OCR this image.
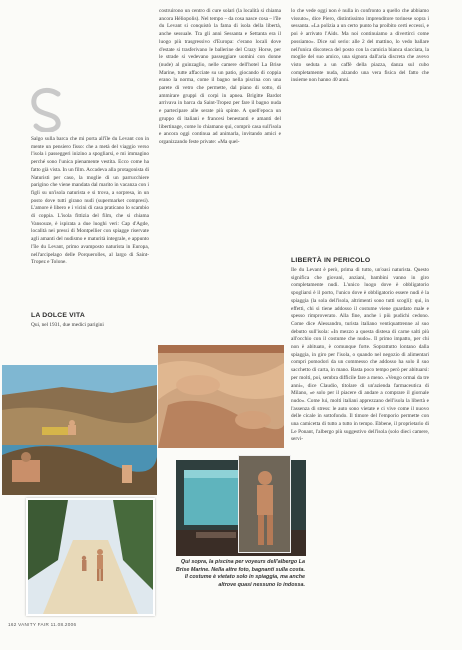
Salgo sulla barca che mi porta all'île du Levant con in mente un pensiero fisso: che a metà del viaggio verso l'isola i passeggeri inizino a spogliarsi, e mi immagino perché sono l'unica pienamente vestita. Ecco come ha fatto già vista. In un film. Accadeva alla protagonista di Naturisti per caso, la moglie di un parrucchiere parigino che viene mandata dal marito in vacanza con i figli su un'isola naturista e si trova, a sorpresa, in un posto dove tutti girano nudi (supermarket compresi). L'amore è libero e i vicini di casa praticano lo scambio di coppia. L'isola fittizia del film, che si chiama Vansouze, è ispirata a due luoghi veri: Cap d'Agde, località nei pressi di Montpellier con spiagge riservate agli amanti del nudismo e maturità integrale, e appunto l'île du Levant, primo avamposto naturista in Europa, nell'arcipelago delle Porquerolles, al largo di Saint-Tropez e Tolone.

LA DOLCE VITA
Qui, nel 1931, due medici parigini

costruirono un centro di cure solari (la località si chiama ancora Héliopolis). Nel tempo – da cosa nasce cosa – l'île du Levant si conquistò la fama di isola della libertà, anche sessuale. Tra gli anni Sessanta e Settanta era il luogo più trasgressivo d'Europa: c'erano locali dove d'estate si trasferivano le ballerine del Crazy Horse, per le strade si vedevano passeggiare uomini con donne (nude) al guinzaglio, nelle camere dell'hotel La Brise Marine, tutte affacciate su un patio, giocando di coppia erano la norma, come il bagno nella piscina con una parete di vetro che permette, dal piano di sotto, di ammirare gruppi di corpi in apnea. Brigitte Bardot arrivava in barca da Saint-Tropez per fare il bagno nuda e partecipare alle serate più spinte. A quell'epoca un gruppo di italiani e francesi benestanti e amanti del libertinage, come lo chiamano qui, comprò casa sull'isola e ancora oggi continua ad animarla, invitando amici e organizzando feste private: «Ma quel-

lo che vede oggi non è nulla in confronto a quello che abbiamo vissuto», dice Piero, distintissimo imprenditore torinese sopra i sessanta. «La polizia a un certo punto ha proibito certi eccessi, e poi è arrivato l'Aids. Ma noi continuiamo a divertirci come possiamo». Dice sul serio: alle 2 del mattino, lo vedo ballare nell'unica discoteca del posto con la camicia bianca slacciata, la moglie del suo amico, una signora dall'aria discreta che avevo visto seduta a un caffè della piazza, danza sul cubo completamente nuda, alzando una vera fisica del fatto che insieme non hanno 40 anni.

LIBERTÀ IN PERICOLO

Ile du Levant è però, prima di tutto, un'oasi naturista. Questo significa che giovani, anziani, bambini vanno in giro completamente nudi. L'unico luogo dove è obbligatorio spogliarsi è il porto, l'unico dove è obbligatorio essere nudi è la spiaggia (la sola dell'isola, altrimenti sono tutti scogli): qui, in effetti, chi si tiene addosso il costume viene guardato male e spesso rimproverato. Alla fine, anche i più pudichi cedono. Come dice Alessandro, turista italiano ventiquattrenne al suo debutto sull'isola: «In mezzo a questa distesa di carne salti più all'occhio con il costume che nudo». Il primo impatto, per chi non è abituato, è comunque forte. Soprattutto lontano dalla spiaggia, in giro per l'isola, o quando nel negozio di alimentari compri pomodori da un commesso che addosso ha solo il suo sacchetto di carta, in mano. Basta poco tempo però per abituarsi: per molti, poi, sembra difficile fare a meno. «Vengo ormai da tre anni», dice Claudio, titolare di un'azienda farmaceutica di Milano, «e solo per il piacere di andare a comprare il giornale nudo». Come lui, molti italiani apprezzano dell'isola la libertà e l'assenza di stress: le auto sono vietate e ci vive come il nuovo delle cicale in sottofondo. Il timore del l'emporio permette con una camicetta di tutto a tutto in tempo. Ebbene, il proprietario di Le Ponant, l'albergo più suggestivo dell'isola (solo dieci camere, servi-

Qui sopra, la piscina per voyeurs dell'albergo La Brise Marine. Nella altre foto, bagnanti sulla costa. Il costume è vietato solo in spiaggia, ma anche altrove quasi nessuno lo indossa.
162 VANITY FAIR 11.08.2006
